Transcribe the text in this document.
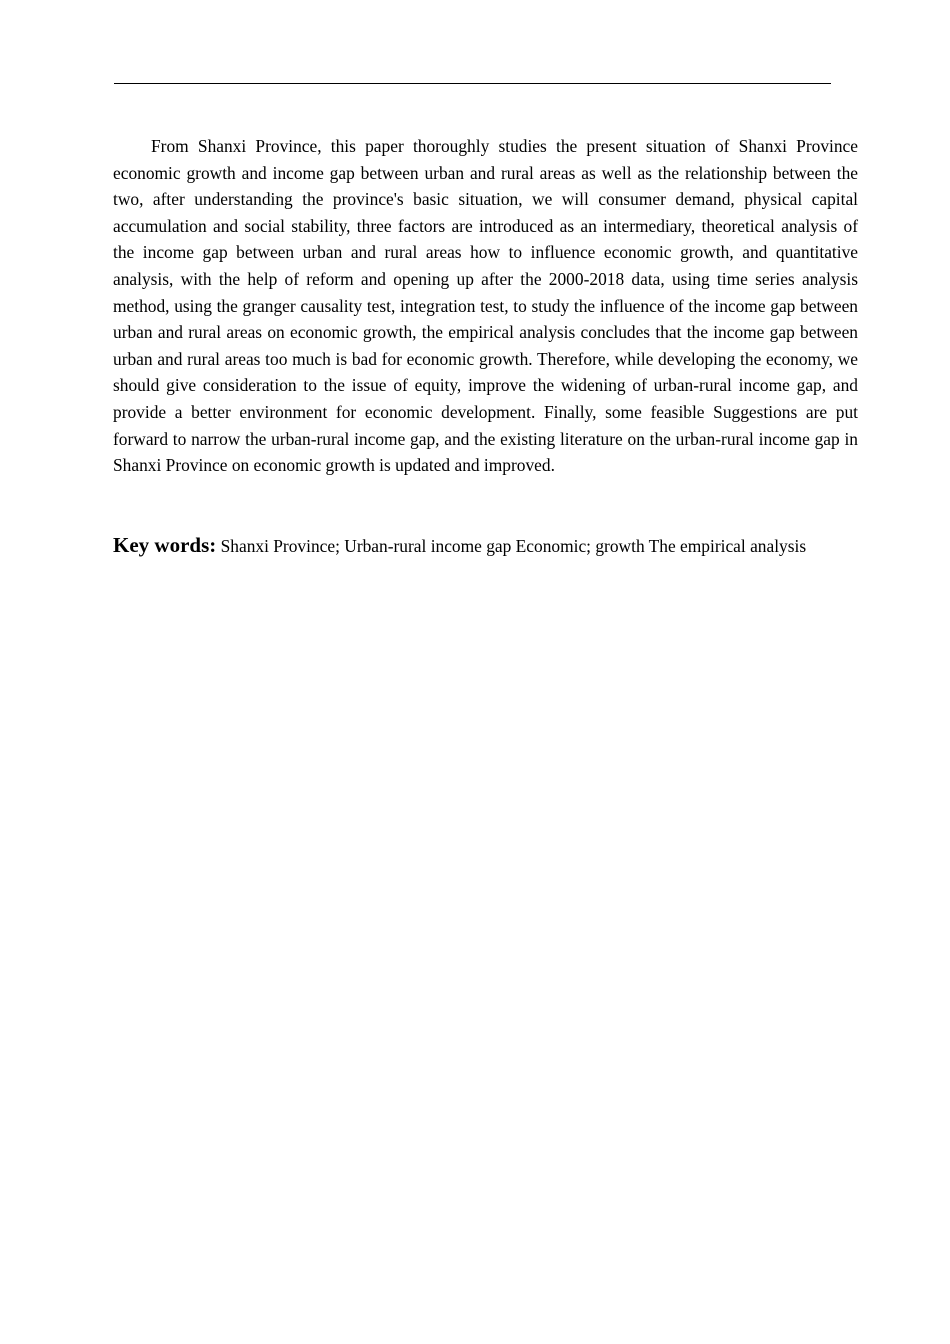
From Shanxi Province, this paper thoroughly studies the present situation of Shanxi Province economic growth and income gap between urban and rural areas as well as the relationship between the two, after understanding the province's basic situation, we will consumer demand, physical capital accumulation and social stability, three factors are introduced as an intermediary, theoretical analysis of the income gap between urban and rural areas how to influence economic growth, and quantitative analysis, with the help of reform and opening up after the 2000-2018 data, using time series analysis method, using the granger causality test, integration test, to study the influence of the income gap between urban and rural areas on economic growth, the empirical analysis concludes that the income gap between urban and rural areas too much is bad for economic growth. Therefore, while developing the economy, we should give consideration to the issue of equity, improve the widening of urban-rural income gap, and provide a better environment for economic development. Finally, some feasible Suggestions are put forward to narrow the urban-rural income gap, and the existing literature on the urban-rural income gap in Shanxi Province on economic growth is updated and improved.

Key words: Shanxi Province; Urban-rural income gap Economic; growth The empirical analysis
